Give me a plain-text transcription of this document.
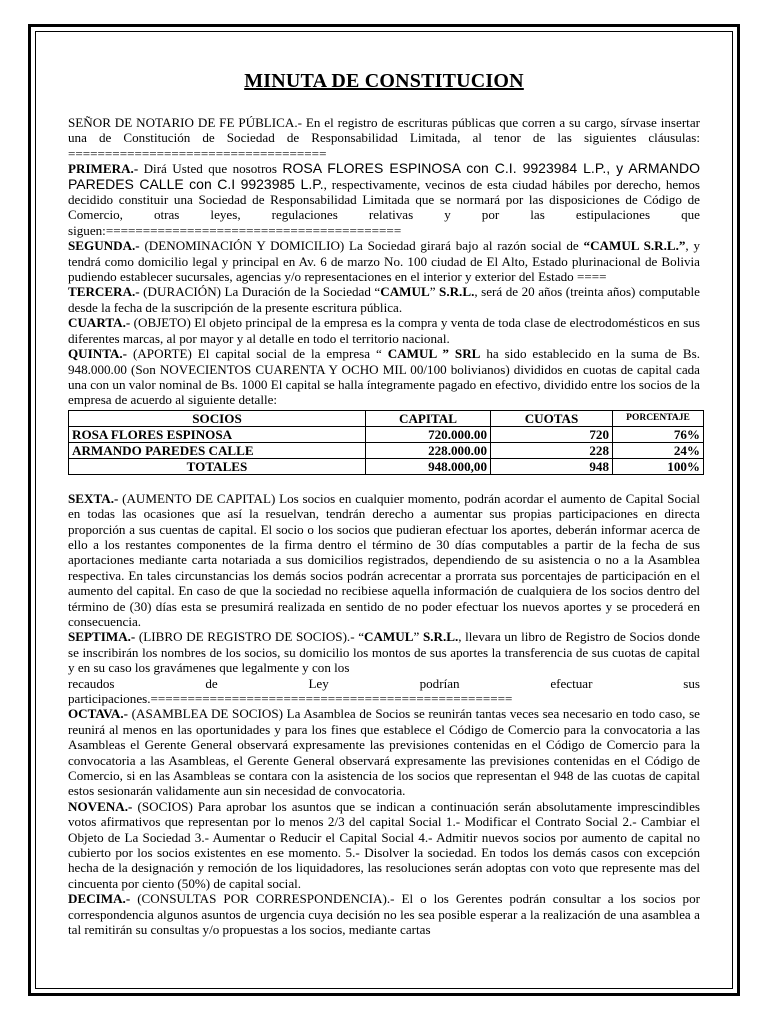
MINUTA DE CONSTITUCION

SEÑOR DE NOTARIO DE FE PÚBLICA.- En el registro de escrituras públicas que corren a su cargo, sírvase insertar una de Constitución de Sociedad de Responsabilidad Limitada, al tenor de las siguientes cláusulas: ===================================

PRIMERA.- Dirá Usted que nosotros ROSA FLORES ESPINOSA con C.I. 9923984 L.P., y ARMANDO PAREDES CALLE con C.I 9923985 L.P., respectivamente, vecinos de esta ciudad hábiles por derecho, hemos decidido constituir una Sociedad de Responsabilidad Limitada que se normará por las disposiciones de Código de Comercio, otras leyes, regulaciones relativas y por las estipulaciones que siguen:========================================

SEGUNDA.- (DENOMINACIÓN Y DOMICILIO) La Sociedad girará bajo al razón social de “CAMUL S.R.L.”, y tendrá como domicilio legal y principal en Av. 6 de marzo No. 100 ciudad de El Alto, Estado plurinacional de Bolivia pudiendo establecer sucursales, agencias y/o representaciones en el interior y exterior del Estado ====

TERCERA.- (DURACIÓN) La Duración de la Sociedad “CAMUL” S.R.L., será de 20 años (treinta años) computable desde la fecha de la suscripción de la presente escritura pública.

CUARTA.- (OBJETO) El objeto principal de la empresa es la compra y venta de toda clase de electrodomésticos en sus diferentes marcas, al por mayor y al detalle en todo el territorio nacional.

QUINTA.- (APORTE) El capital social de la empresa “ CAMUL ” SRL ha sido establecido en la suma de Bs. 948.000.00 (Son NOVECIENTOS CUARENTA Y OCHO MIL 00/100 bolivianos) divididos en cuotas de capital cada una con un valor nominal de Bs. 1000 El capital se halla íntegramente pagado en efectivo, dividido entre los socios de la empresa de acuerdo al siguiente detalle:

SOCIOS	CAPITAL	CUOTAS	PORCENTAJE
ROSA FLORES ESPINOSA	720.000.00	720	76%
ARMANDO PAREDES CALLE	228.000.00	228	24%
TOTALES	948.000,00	948	100%

SEXTA.- (AUMENTO DE CAPITAL) Los socios en cualquier momento, podrán acordar el aumento de Capital Social en todas las ocasiones que así la resuelvan, tendrán derecho a aumentar sus propias participaciones en directa proporción a sus cuentas de capital. El socio o los socios que pudieran efectuar los aportes, deberán informar acerca de ello a los restantes componentes de la firma dentro el término de 30 días computables a partir de la fecha de sus aportaciones mediante carta notariada a sus domicilios registrados, dependiendo de su asistencia o no a la Asamblea respectiva. En tales circunstancias los demás socios podrán acrecentar a prorrata sus porcentajes de participación en el aumento del capital. En caso de que la sociedad no recibiese aquella información de cualquiera de los socios dentro del término de (30) días esta se presumirá realizada en sentido de no poder efectuar los nuevos aportes y se procederá en consecuencia.

SEPTIMA.- (LIBRO DE REGISTRO DE SOCIOS).- “CAMUL” S.R.L., llevara un libro de Registro de Socios donde se inscribirán los nombres de los socios, su domicilio los montos de sus aportes la transferencia de sus cuotas de capital y en su caso los gravámenes que legalmente y con los

recaudos	de	Ley	podrían	efectuar	sus

participaciones.=================================================

OCTAVA.- (ASAMBLEA DE SOCIOS) La Asamblea de Socios se reunirán tantas veces sea necesario en todo caso, se reunirá al menos en las oportunidades y para los fines que establece el Código de Comercio para la convocatoria a las Asambleas el Gerente General observará expresamente las previsiones contenidas en el Código de Comercio para la convocatoria a las Asambleas, el Gerente General observará expresamente las previsiones contenidas en el Código de Comercio, si en las Asambleas se contara con la asistencia de los socios que representan el 948 de las cuotas de capital estos sesionarán validamente aun sin necesidad de convocatoria.

NOVENA.- (SOCIOS) Para aprobar los asuntos que se indican a continuación serán absolutamente imprescindibles votos afirmativos que representan por lo menos 2/3 del capital Social 1.- Modificar el Contrato Social 2.- Cambiar el Objeto de La Sociedad 3.- Aumentar o Reducir el Capital Social 4.- Admitir nuevos socios por aumento de capital no cubierto por los socios existentes en ese momento. 5.- Disolver la sociedad. En todos los demás casos con excepción hecha de la designación y remoción de los liquidadores, las resoluciones serán adoptas con voto que represente mas del cincuenta por ciento (50%) de capital social.

DECIMA.- (CONSULTAS POR CORRESPONDENCIA).- El o los Gerentes podrán consultar a los socios por correspondencia algunos asuntos de urgencia cuya decisión no les sea posible esperar a la realización de una asamblea a tal remitirán su consultas y/o propuestas a los socios, mediante cartas
